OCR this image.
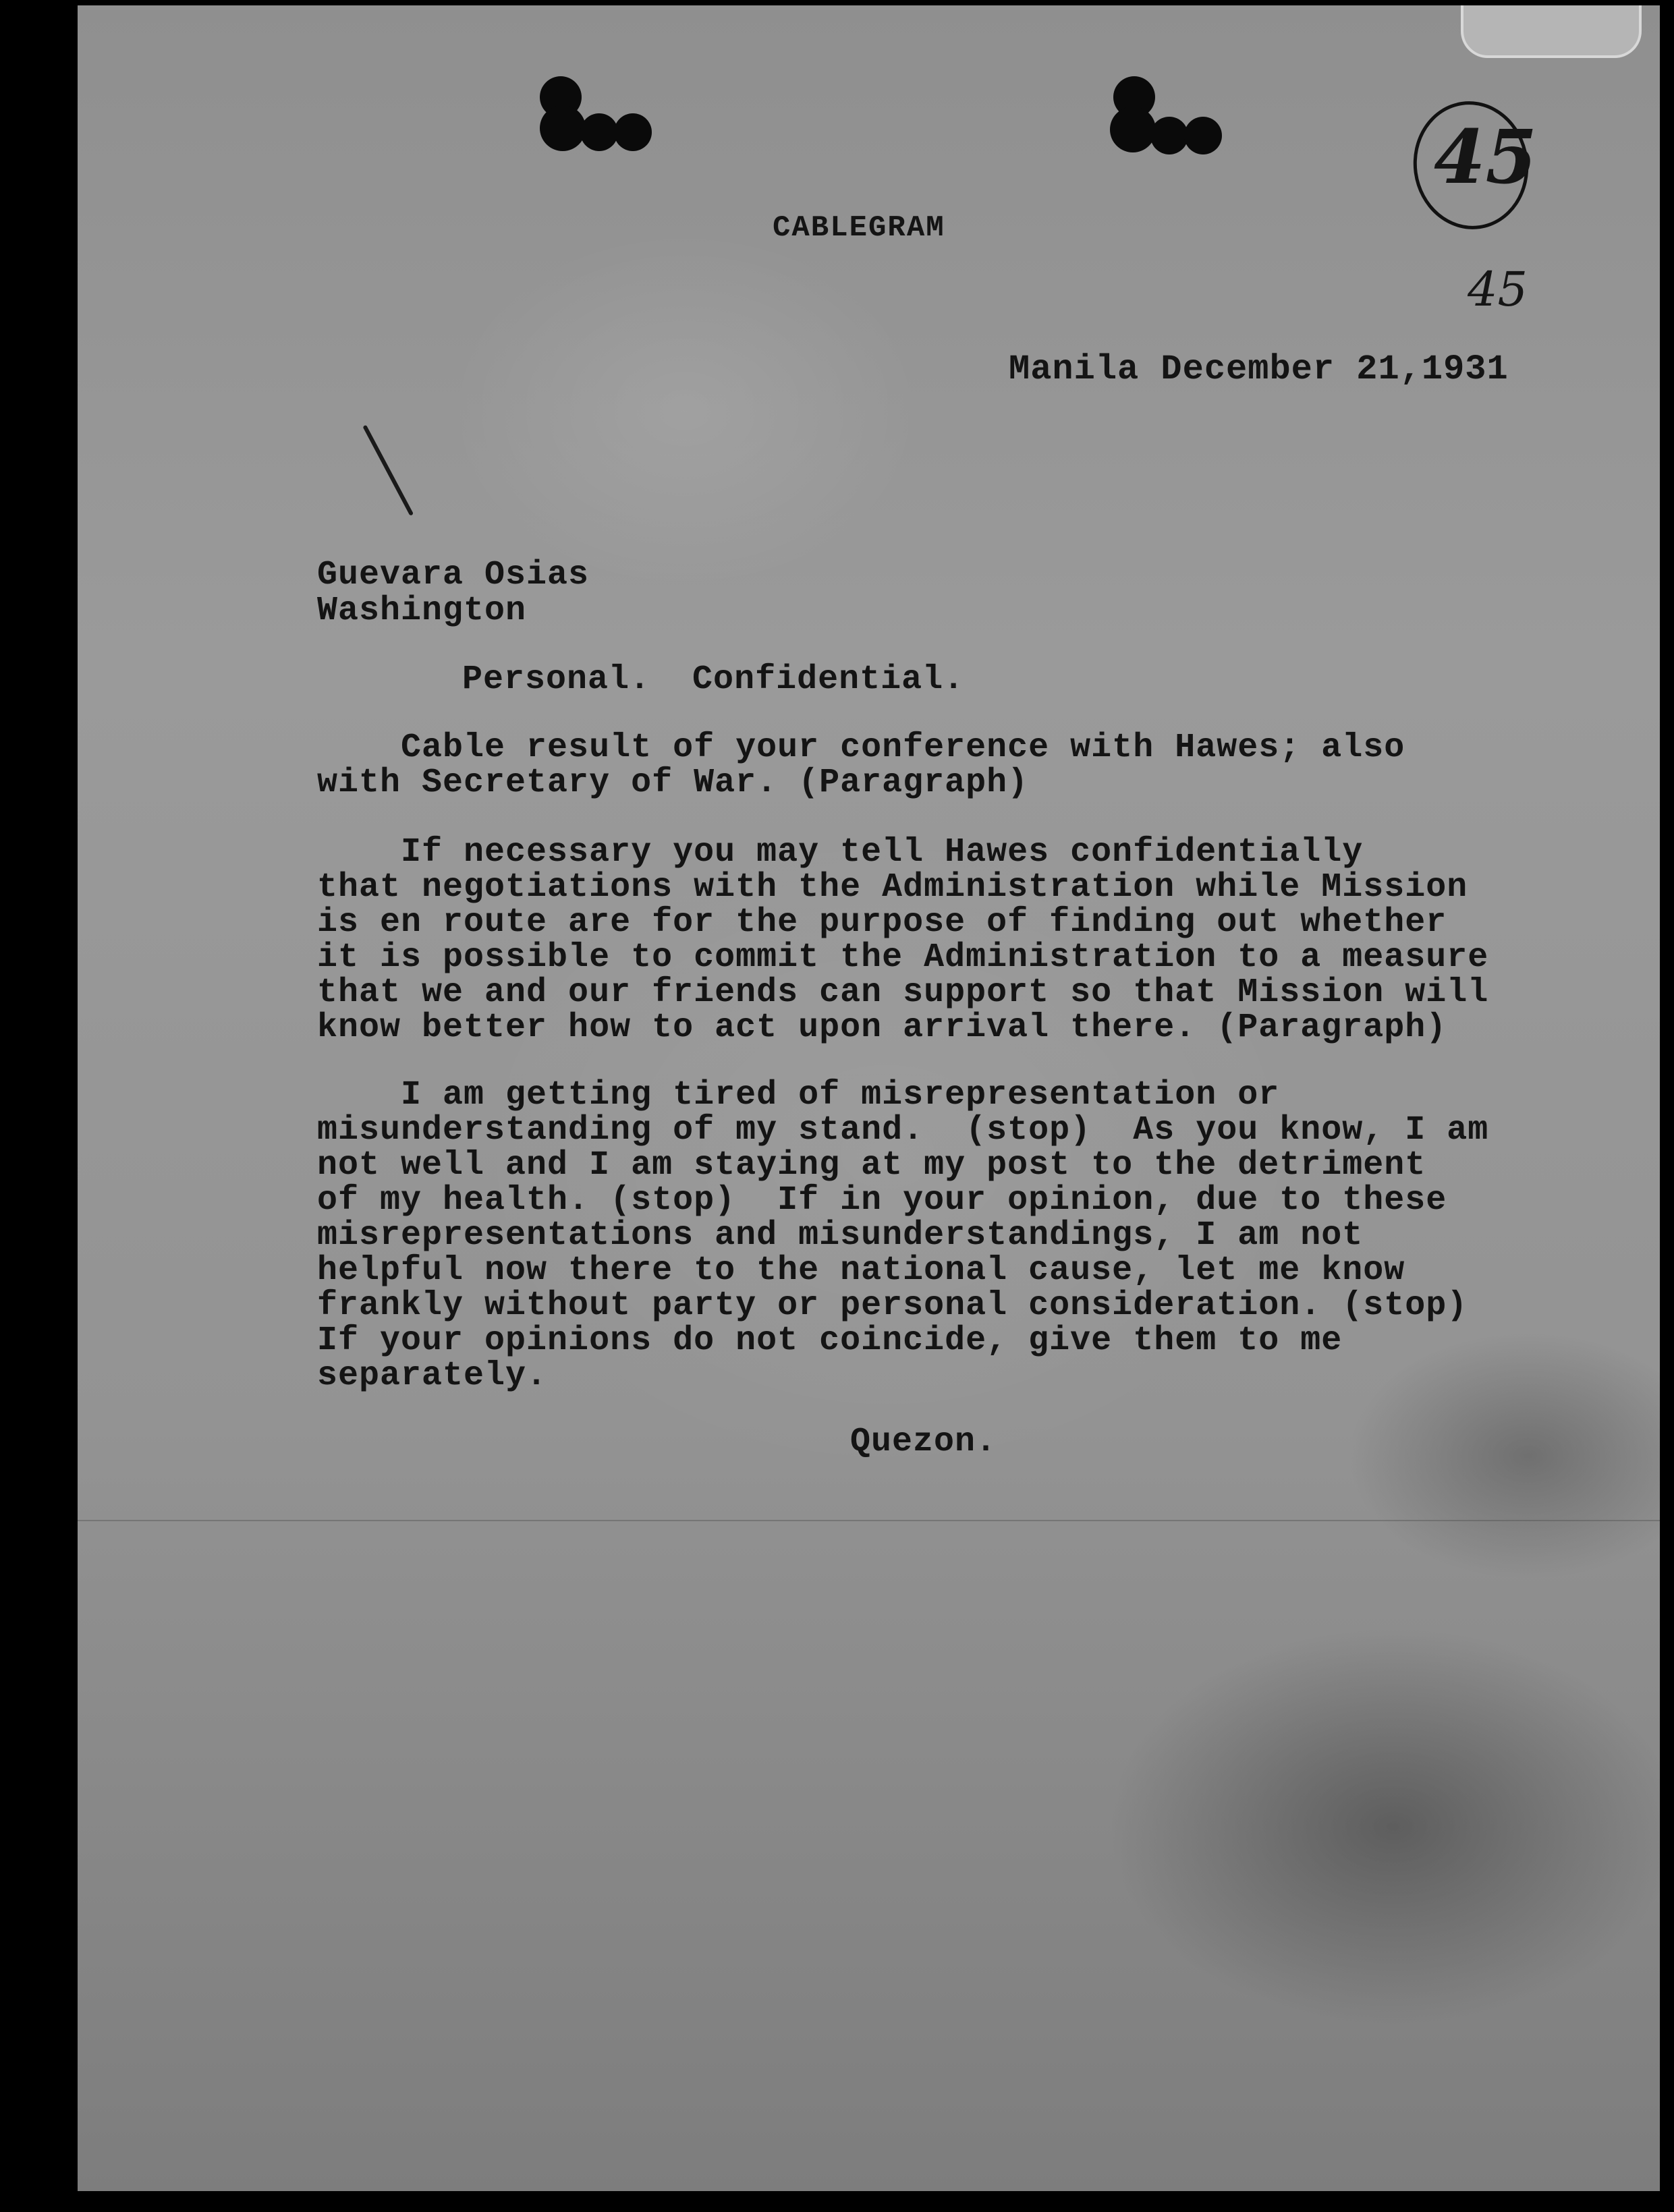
45
45
CABLEGRAM
Manila December 21,1931
Guevara Osias
Washington
Personal.  Confidential.
Cable result of your conference with Hawes; also
with Secretary of War. (Paragraph)
If necessary you may tell Hawes confidentially
that negotiations with the Administration while Mission
is en route are for the purpose of finding out whether
it is possible to commit the Administration to a measure
that we and our friends can support so that Mission will
know better how to act upon arrival there. (Paragraph)
I am getting tired of misrepresentation or
misunderstanding of my stand.  (stop)  As you know, I am
not well and I am staying at my post to the detriment
of my health. (stop)  If in your opinion, due to these
misrepresentations and misunderstandings, I am not
helpful now there to the national cause, let me know
frankly without party or personal consideration. (stop)
If your opinions do not coincide, give them to me
separately.
Quezon.
